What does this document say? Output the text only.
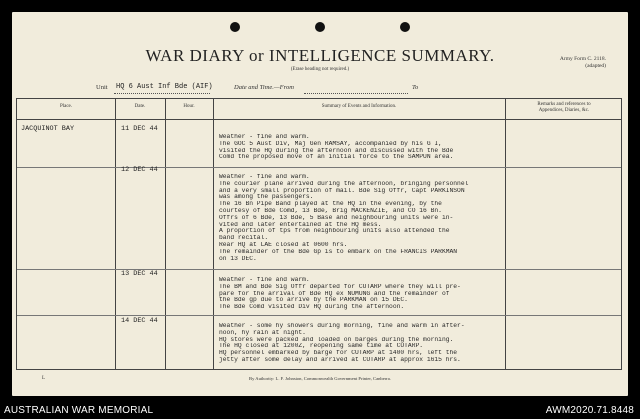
WAR DIARY or INTELLIGENCE SUMMARY.
(Erase heading not required.)
Army Form C. 2118.
(adapted)
Unit HQ 6 Aust Inf Bde (AIF)	Date and Time.—From	To
Place.	Date.	Hour.	Summary of Events and Information.	Remarks and references to
Appendices, Diaries, &c.
JACQUINOT BAY	11 DEC 44
Weather - fine and warm.
The GOC 5 Aust Div, Maj Gen RAMSAY, accompanied by his G I,
visited the HQ during the afternoon and discussed with the Bde
Comd the proposed move of an initial force to the SAMPUN area.
12 DEC 44
Weather - fine and warm.
The courier plane arrived during the afternoon, bringing personnel
and a very small proportion of mail. Bde Sig Offr, Capt PARKINSON
was among the passengers.
The 16 Bn Pipe Band played at the HQ in the evening, by the
courtesy of Bde Comd, 13 Bde, Brig MACKENZIE, and CO 16 Bn.
Offrs of 6 Bde, 13 Bde, 5 Base and neighbouring units were in-
vited and later entertained at the HQ mess.
A proportion of tps from neighbouring units also attended the
band recital.
Rear HQ at LAE closed at 0600 hrs.
The remainder of the Bde Gp is to embark on the FRANCIS PARKMAN
on 13 DEC.
13 DEC 44
Weather - fine and warm.
The BM and Bde Sig Offr departed for CUTARP where they will pre-
pare for the arrival of Bde HQ ex NUMUNG and the remainder of
the Bde gp due to arrive by the PARKMAN on 15 DEC.
The Bde Comd visited Div HQ during the afternoon.
14 DEC 44
Weather - some hy showers during morning, fine and warm in after-
noon, hy rain at night.
HQ stores were packed and loaded on barges during the morning.
The HQ closed at 1200Z, reopening same time at CUTARP.
HQ personnel embarked by barge for CUTARP at 1400 hrs, left the
jetty after some delay and arrived at CUTARP at approx 1615 hrs.
L	By Authority: L. F. Johnston, Commonwealth Government Printer, Canberra.
AUSTRALIAN WAR MEMORIAL	AWM2020.71.8448
